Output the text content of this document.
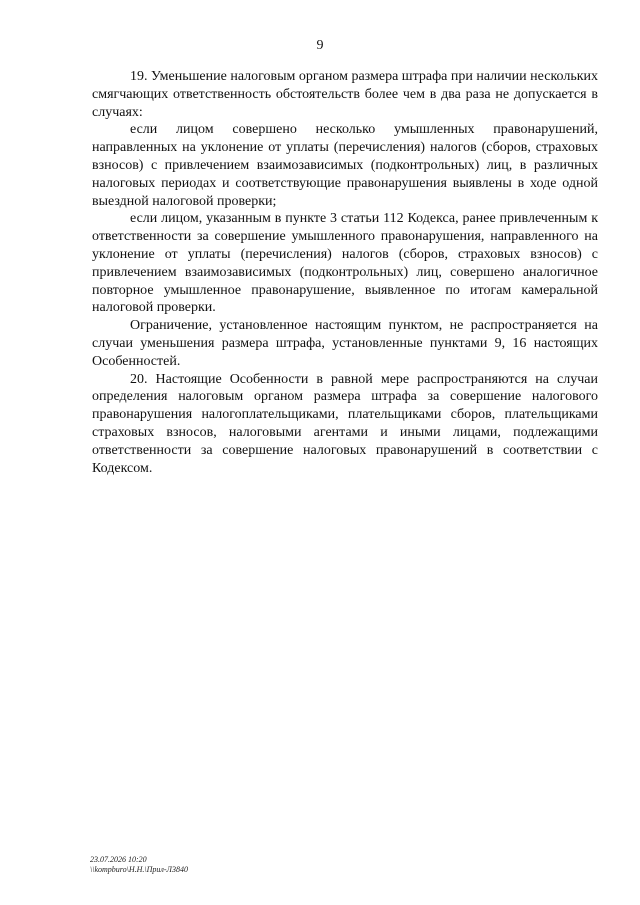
9

19. Уменьшение налоговым органом размера штрафа при наличии нескольких смягчающих ответственность обстоятельств более чем в два раза не допускается в случаях:

если лицом совершено несколько умышленных правонарушений, направленных на уклонение от уплаты (перечисления) налогов (сборов, страховых взносов) с привлечением взаимозависимых (подконтрольных) лиц, в различных налоговых периодах и соответствующие правонарушения выявлены в ходе одной выездной налоговой проверки;

если лицом, указанным в пункте 3 статьи 112 Кодекса, ранее привлеченным к ответственности за совершение умышленного правонарушения, направленного на уклонение от уплаты (перечисления) налогов (сборов, страховых взносов) с привлечением взаимозависимых (подконтрольных) лиц, совершено аналогичное повторное умышленное правонарушение, выявленное по итогам камеральной налоговой проверки.

Ограничение, установленное настоящим пунктом, не распространяется на случаи уменьшения размера штрафа, установленные пунктами 9, 16 настоящих Особенностей.

20. Настоящие Особенности в равной мере распространяются на случаи определения налоговым органом размера штрафа за совершение налогового правонарушения налогоплательщиками, плательщиками сборов, плательщиками страховых взносов, налоговыми агентами и иными лицами, подлежащими ответственности за совершение налоговых правонарушений в соответствии с Кодексом.

23.07.2026 10:20
\\kompburo\Н.Н.\Прил-Л3840
